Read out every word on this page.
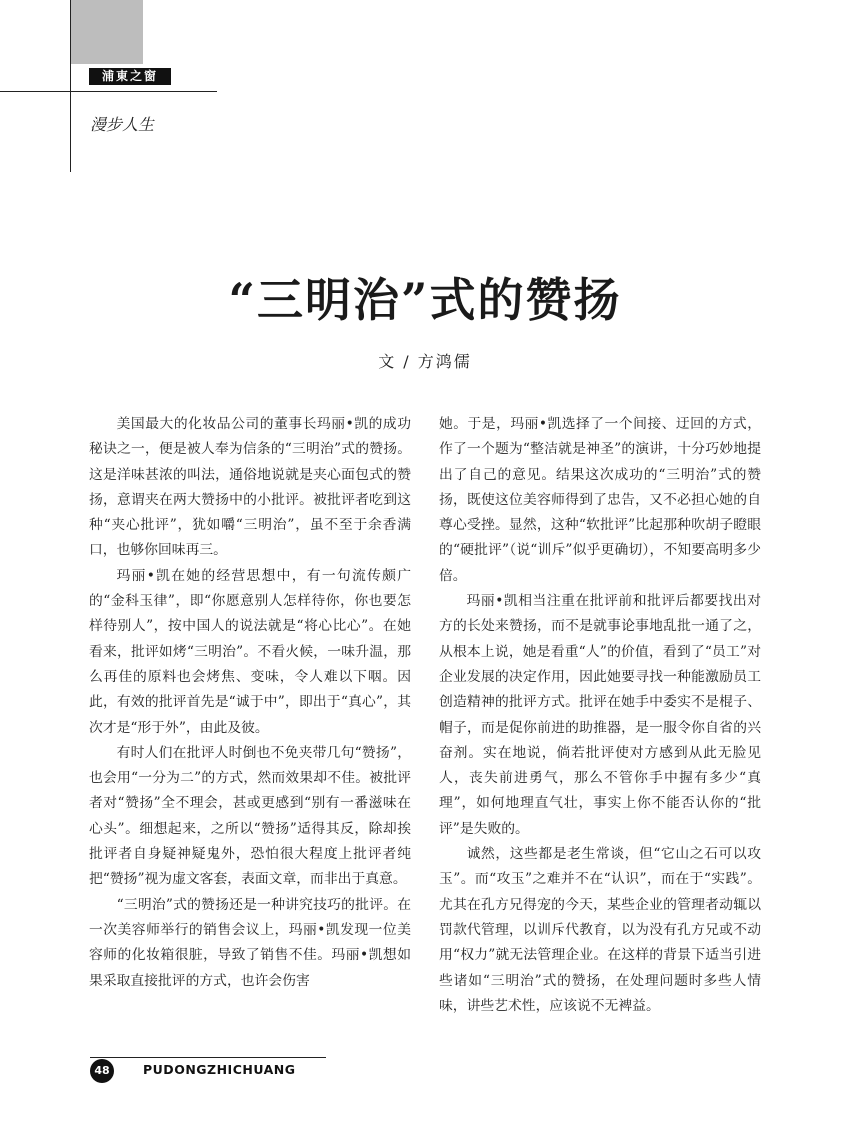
浦東之窗
漫步人生
“三明治”式的赞扬
文 / 方鸿儒

美国最大的化妆品公司的董事长玛丽•凯的成功秘诀之一，便是被人奉为信条的“三明治”式的赞扬。这是洋味甚浓的叫法，通俗地说就是夹心面包式的赞扬，意谓夹在两大赞扬中的小批评。被批评者吃到这种“夹心批评”，犹如嚼“三明治”，虽不至于余香满口，也够你回味再三。

玛丽•凯在她的经营思想中，有一句流传颇广的“金科玉律”，即“你愿意别人怎样待你，你也要怎样待别人”，按中国人的说法就是“将心比心”。在她看来，批评如烤“三明治”。不看火候，一味升温，那么再佳的原料也会烤焦、变味，令人难以下咽。因此，有效的批评首先是“诚于中”，即出于“真心”，其次才是“形于外”，由此及彼。

有时人们在批评人时倒也不免夹带几句“赞扬”，也会用“一分为二”的方式，然而效果却不佳。被批评者对“赞扬”全不理会，甚或更感到“别有一番滋味在心头”。细想起来，之所以“赞扬”适得其反，除却挨批评者自身疑神疑鬼外，恐怕很大程度上批评者纯把“赞扬”视为虚文客套，表面文章，而非出于真意。

“三明治”式的赞扬还是一种讲究技巧的批评。在一次美容师举行的销售会议上，玛丽•凯发现一位美容师的化妆箱很脏，导致了销售不佳。玛丽•凯想如果采取直接批评的方式，也许会伤害

她。于是，玛丽•凯选择了一个间接、迂回的方式，作了一个题为“整洁就是神圣”的演讲，十分巧妙地提出了自己的意见。结果这次成功的“三明治”式的赞扬，既使这位美容师得到了忠告，又不必担心她的自尊心受挫。显然，这种“软批评”比起那种吹胡子瞪眼的“硬批评”（说“训斥”似乎更确切），不知要高明多少倍。

玛丽•凯相当注重在批评前和批评后都要找出对方的长处来赞扬，而不是就事论事地乱批一通了之，从根本上说，她是看重“人”的价值，看到了“员工”对企业发展的决定作用，因此她要寻找一种能激励员工创造精神的批评方式。批评在她手中委实不是棍子、帽子，而是促你前进的助推器，是一服令你自省的兴奋剂。实在地说，倘若批评使对方感到从此无脸见人，丧失前进勇气，那么不管你手中握有多少“真理”，如何地理直气壮，事实上你不能否认你的“批评”是失败的。

诚然，这些都是老生常谈，但“它山之石可以攻玉”。而“攻玉”之难并不在“认识”，而在于“实践”。尤其在孔方兄得宠的今天，某些企业的管理者动辄以罚款代管理，以训斥代教育，以为没有孔方兄或不动用“权力”就无法管理企业。在这样的背景下适当引进些诸如“三明治”式的赞扬，在处理问题时多些人情味，讲些艺术性，应该说不无裨益。

48	PUDONGZHICHUANG
